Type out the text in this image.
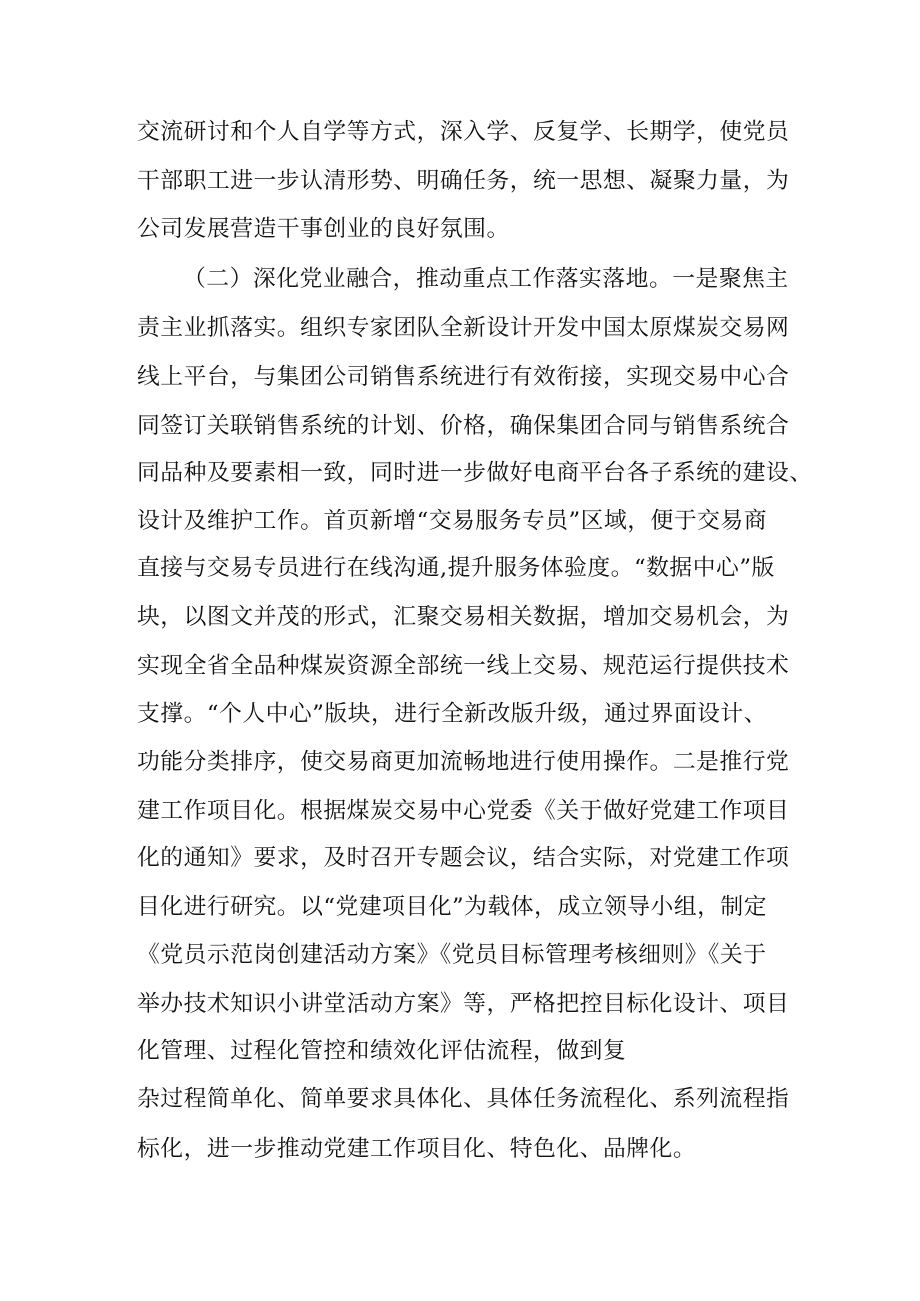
交流研讨和个人自学等方式，深入学、反复学、长期学，使党员

干部职工进一步认清形势、明确任务，统一思想、凝聚力量，为

公司发展营造干事创业的良好氛围。

（二）深化党业融合，推动重点工作落实落地。一是聚焦主

责主业抓落实。组织专家团队全新设计开发中国太原煤炭交易网

线上平台，与集团公司销售系统进行有效衔接，实现交易中心合

同签订关联销售系统的计划、价格，确保集团合同与销售系统合

同品种及要素相一致，同时进一步做好电商平台各子系统的建设、

设计及维护工作。首页新增“交易服务专员”区域，便于交易商

直接与交易专员进行在线沟通,提升服务体验度。“数据中心”版

块，以图文并茂的形式，汇聚交易相关数据，增加交易机会，为

实现全省全品种煤炭资源全部统一线上交易、规范运行提供技术

支撑。“个人中心”版块，进行全新改版升级，通过界面设计、

功能分类排序，使交易商更加流畅地进行使用操作。二是推行党

建工作项目化。根据煤炭交易中心党委《关于做好党建工作项目

化的通知》要求，及时召开专题会议，结合实际，对党建工作项

目化进行研究。以“党建项目化”为载体，成立领导小组，制定

《党员示范岗创建活动方案》《党员目标管理考核细则》《关于

举办技术知识小讲堂活动方案》等，严格把控目标化设计、项目

化管理、过程化管控和绩效化评估流程，做到复

杂过程简单化、简单要求具体化、具体任务流程化、系列流程指

标化，进一步推动党建工作项目化、特色化、品牌化。
